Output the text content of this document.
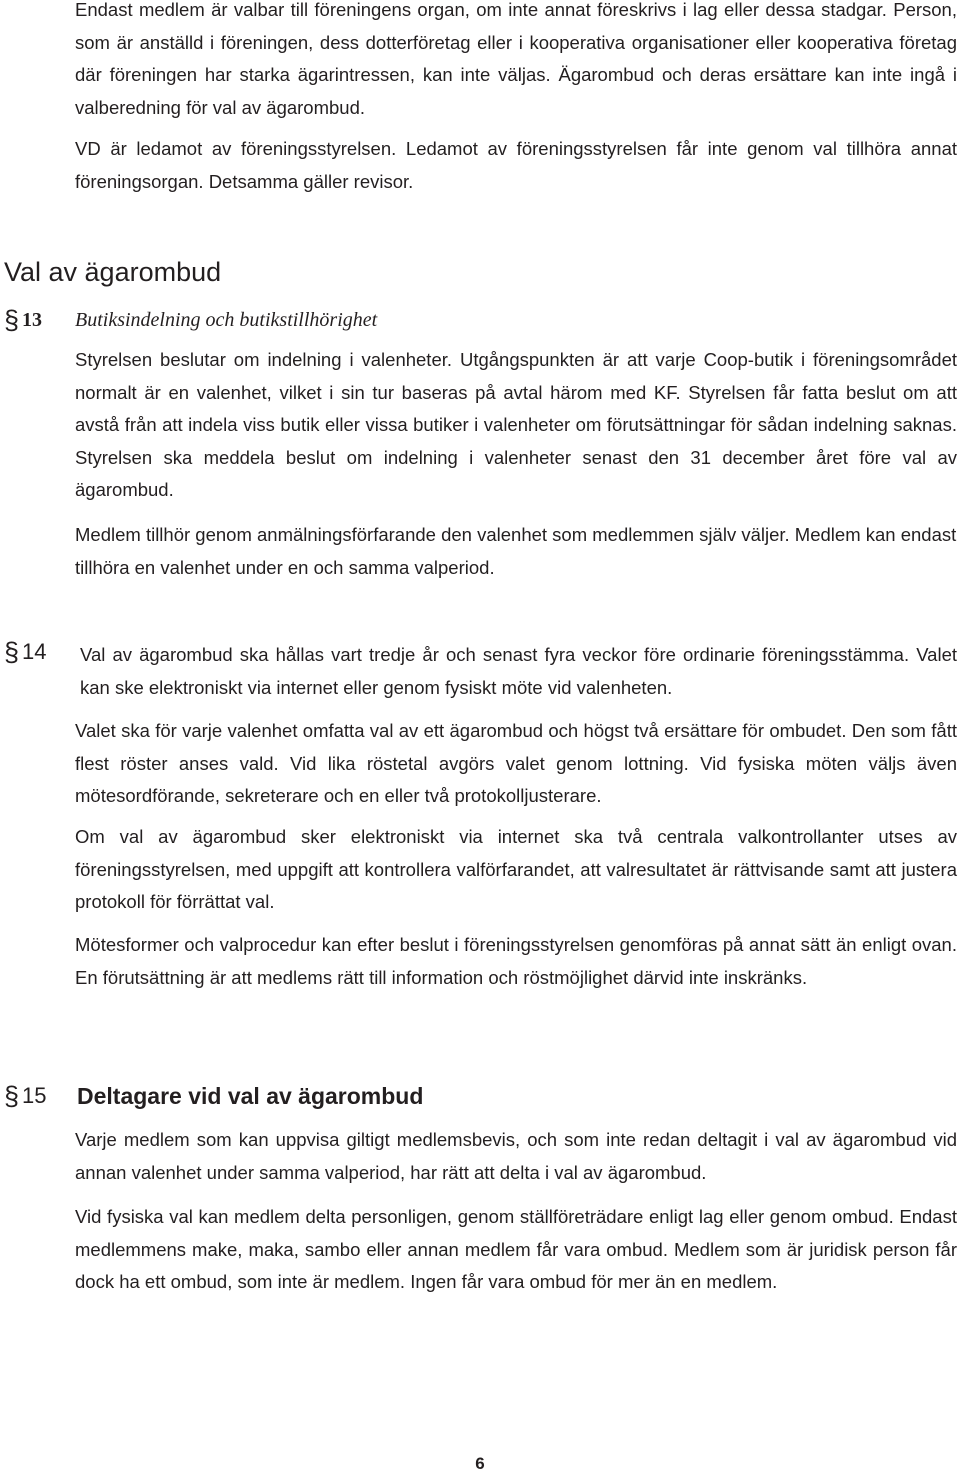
Endast medlem är valbar till föreningens organ, om inte annat föreskrivs i lag eller dessa stadgar. Person, som är anställd i föreningen, dess dotterföretag eller i kooperativa organisationer eller kooperativa företag där föreningen har starka ägarintressen, kan inte väljas. Ägarombud och deras ersättare kan inte ingå i valberedning för val av ägarombud.

VD är ledamot av föreningsstyrelsen. Ledamot av föreningsstyrelsen får inte genom val tillhöra annat föreningsorgan. Detsamma gäller revisor.

Val av ägarombud
§ 13 Butiksindelning och butikstillhörighet

Styrelsen beslutar om indelning i valenheter. Utgångspunkten är att varje Coop-butik i föreningsområdet normalt är en valenhet, vilket i sin tur baseras på avtal härom med KF. Styrelsen får fatta beslut om att avstå från att indela viss butik eller vissa butiker i valenheter om förutsättningar för sådan indelning saknas. Styrelsen ska meddela beslut om indelning i valenheter senast den 31 december året före val av ägarombud.

Medlem tillhör genom anmälningsförfarande den valenhet som medlemmen själv väljer. Medlem kan endast tillhöra en valenhet under en och samma valperiod.

§ 14 Val av ägarombud ska hållas vart tredje år och senast fyra veckor före ordinarie föreningsstämma. Valet kan ske elektroniskt via internet eller genom fysiskt möte vid valenheten.

Valet ska för varje valenhet omfatta val av ett ägarombud och högst två ersättare för ombudet. Den som fått flest röster anses vald. Vid lika röstetal avgörs valet genom lottning. Vid fysiska möten väljs även mötesordförande, sekreterare och en eller två protokolljusterare.

Om val av ägarombud sker elektroniskt via internet ska två centrala valkontrollanter utses av föreningsstyrelsen, med uppgift att kontrollera valförfarandet, att valresultatet är rättvisande samt att justera protokoll för förrättat val.

Mötesformer och valprocedur kan efter beslut i föreningsstyrelsen genomföras på annat sätt än enligt ovan. En förutsättning är att medlems rätt till information och röstmöjlighet därvid inte inskränks.

§ 15 Deltagare vid val av ägarombud

Varje medlem som kan uppvisa giltigt medlemsbevis, och som inte redan deltagit i val av ägarombud vid annan valenhet under samma valperiod, har rätt att delta i val av ägarombud.

Vid fysiska val kan medlem delta personligen, genom ställföreträdare enligt lag eller genom ombud. Endast medlemmens make, maka, sambo eller annan medlem får vara ombud. Medlem som är juridisk person får dock ha ett ombud, som inte är medlem. Ingen får vara ombud för mer än en medlem.

6
